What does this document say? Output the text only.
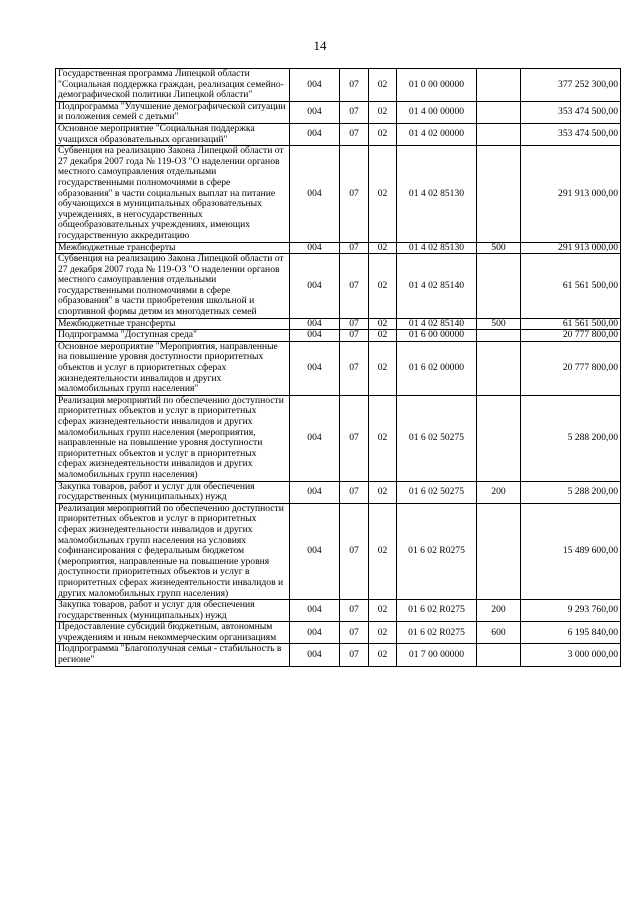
14
Государственная программа Липецкой области "Социальная поддержка граждан, реализация семейно-демографической политики Липецкой области"	004	07	02	01 0 00 00000		377 252 300,00
Подпрограмма "Улучшение демографической ситуации и положения семей с детьми"	004	07	02	01 4 00 00000		353 474 500,00
Основное мероприятие "Социальная поддержка учащихся образовательных организаций"	004	07	02	01 4 02 00000		353 474 500,00
Субвенция на реализацию Закона Липецкой области от 27 декабря 2007 года № 119-ОЗ "О наделении органов местного самоуправления отдельными государственными полномочиями в сфере образования" в части социальных выплат на питание обучающихся в муниципальных образовательных учреждениях, в негосударственных общеобразовательных учреждениях, имеющих государственную аккредитацию	004	07	02	01 4 02 85130		291 913 000,00
Межбюджетные трансферты	004	07	02	01 4 02 85130	500	291 913 000,00
Субвенция на реализацию Закона Липецкой области от 27 декабря 2007 года № 119-ОЗ "О наделении органов местного самоуправления отдельными государственными полномочиями в сфере образования" в части приобретения школьной и спортивной формы детям из многодетных семей	004	07	02	01 4 02 85140		61 561 500,00
Межбюджетные трансферты	004	07	02	01 4 02 85140	500	61 561 500,00
Подпрограмма "Доступная среда"	004	07	02	01 6 00 00000		20 777 800,00
Основное мероприятие "Мероприятия, направленные на повышение уровня доступности приоритетных объектов и услуг в приоритетных сферах жизнедеятельности инвалидов и других маломобильных групп населения"	004	07	02	01 6 02 00000		20 777 800,00
Реализация мероприятий по обеспечению доступности приоритетных объектов и услуг в приоритетных сферах жизнедеятельности инвалидов и других маломобильных групп населения (мероприятия, направленные на повышение уровня доступности приоритетных объектов и услуг в приоритетных сферах жизнедеятельности инвалидов и других маломобильных групп населения)	004	07	02	01 6 02 50275		5 288 200,00
Закупка товаров, работ и услуг для обеспечения государственных (муниципальных) нужд	004	07	02	01 6 02 50275	200	5 288 200,00
Реализация мероприятий по обеспечению доступности приоритетных объектов и услуг в приоритетных сферах жизнедеятельности инвалидов и других маломобильных групп населения на условиях софинансирования с федеральным бюджетом (мероприятия, направленные на повышение уровня доступности приоритетных объектов и услуг в приоритетных сферах жизнедеятельности инвалидов и других маломобильных групп населения)	004	07	02	01 6 02 R0275		15 489 600,00
Закупка товаров, работ и услуг для обеспечения государственных (муниципальных) нужд	004	07	02	01 6 02 R0275	200	9 293 760,00
Предоставление субсидий бюджетным, автономным учреждениям и иным некоммерческим организациям	004	07	02	01 6 02 R0275	600	6 195 840,00
Подпрограмма "Благополучная семья - стабильность в регионе"	004	07	02	01 7 00 00000		3 000 000,00
